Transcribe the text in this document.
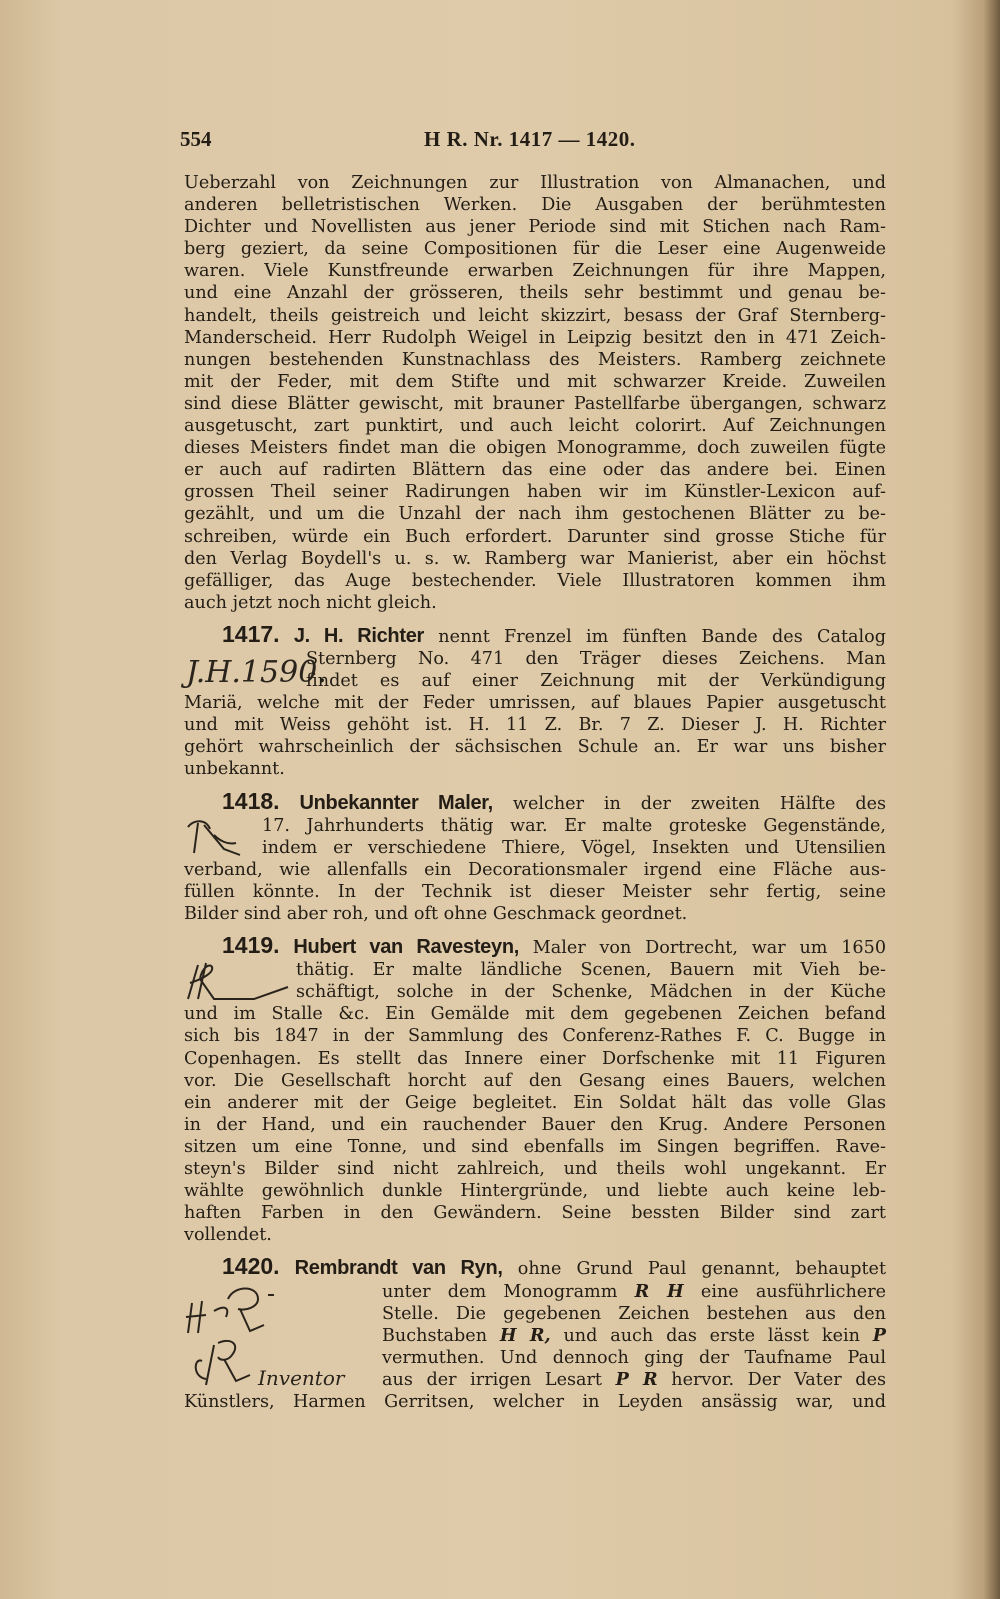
554	H R. Nr. 1417 — 1420.
Ueberzahl von Zeichnungen zur Illustration von Almanachen, und
anderen belletristischen Werken. Die Ausgaben der berühmtesten
Dichter und Novellisten aus jener Periode sind mit Stichen nach Ram-
berg geziert, da seine Compositionen für die Leser eine Augenweide
waren. Viele Kunstfreunde erwarben Zeichnungen für ihre Mappen,
und eine Anzahl der grösseren, theils sehr bestimmt und genau be-
handelt, theils geistreich und leicht skizzirt, besass der Graf Sternberg-
Manderscheid. Herr Rudolph Weigel in Leipzig besitzt den in 471 Zeich-
nungen bestehenden Kunstnachlass des Meisters. Ramberg zeichnete
mit der Feder, mit dem Stifte und mit schwarzer Kreide. Zuweilen
sind diese Blätter gewischt, mit brauner Pastellfarbe übergangen, schwarz
ausgetuscht, zart punktirt, und auch leicht colorirt. Auf Zeichnungen
dieses Meisters findet man die obigen Monogramme, doch zuweilen fügte
er auch auf radirten Blättern das eine oder das andere bei. Einen
grossen Theil seiner Radirungen haben wir im Künstler-Lexicon auf-
gezählt, und um die Unzahl der nach ihm gestochenen Blätter zu be-
schreiben, würde ein Buch erfordert. Darunter sind grosse Stiche für
den Verlag Boydell's u. s. w. Ramberg war Manierist, aber ein höchst
gefälliger, das Auge bestechender. Viele Illustratoren kommen ihm
auch jetzt noch nicht gleich.
1417. J. H. Richter nennt Frenzel im fünften Bande des Catalog
J.H.1590.
Sternberg No. 471 den Träger dieses Zeichens. Man
findet es auf einer Zeichnung mit der Verkündigung
Mariä, welche mit der Feder umrissen, auf blaues Papier ausgetuscht
und mit Weiss gehöht ist. H. 11 Z. Br. 7 Z. Dieser J. H. Richter
gehört wahrscheinlich der sächsischen Schule an. Er war uns bisher
unbekannt.
1418. Unbekannter Maler, welcher in der zweiten Hälfte des
17. Jahrhunderts thätig war. Er malte groteske Gegenstände,
indem er verschiedene Thiere, Vögel, Insekten und Utensilien
verband, wie allenfalls ein Decorationsmaler irgend eine Fläche aus-
füllen könnte. In der Technik ist dieser Meister sehr fertig, seine
Bilder sind aber roh, und oft ohne Geschmack geordnet.
1419. Hubert van Ravesteyn, Maler von Dortrecht, war um 1650
thätig. Er malte ländliche Scenen, Bauern mit Vieh be-
schäftigt, solche in der Schenke, Mädchen in der Küche
und im Stalle &c. Ein Gemälde mit dem gegebenen Zeichen befand
sich bis 1847 in der Sammlung des Conferenz-Rathes F. C. Bugge in
Copenhagen. Es stellt das Innere einer Dorfschenke mit 11 Figuren
vor. Die Gesellschaft horcht auf den Gesang eines Bauers, welchen
ein anderer mit der Geige begleitet. Ein Soldat hält das volle Glas
in der Hand, und ein rauchender Bauer den Krug. Andere Personen
sitzen um eine Tonne, und sind ebenfalls im Singen begriffen. Rave-
steyn's Bilder sind nicht zahlreich, und theils wohl ungekannt. Er
wählte gewöhnlich dunkle Hintergründe, und liebte auch keine leb-
haften Farben in den Gewändern. Seine bessten Bilder sind zart
vollendet.
1420. Rembrandt van Ryn, ohne Grund Paul genannt, behauptet
Inventor
unter dem Monogramm R H eine ausführlichere
Stelle. Die gegebenen Zeichen bestehen aus den
Buchstaben H R, und auch das erste lässt kein P
vermuthen. Und dennoch ging der Taufname Paul
aus der irrigen Lesart P R hervor. Der Vater des
Künstlers, Harmen Gerritsen, welcher in Leyden ansässig war, und
